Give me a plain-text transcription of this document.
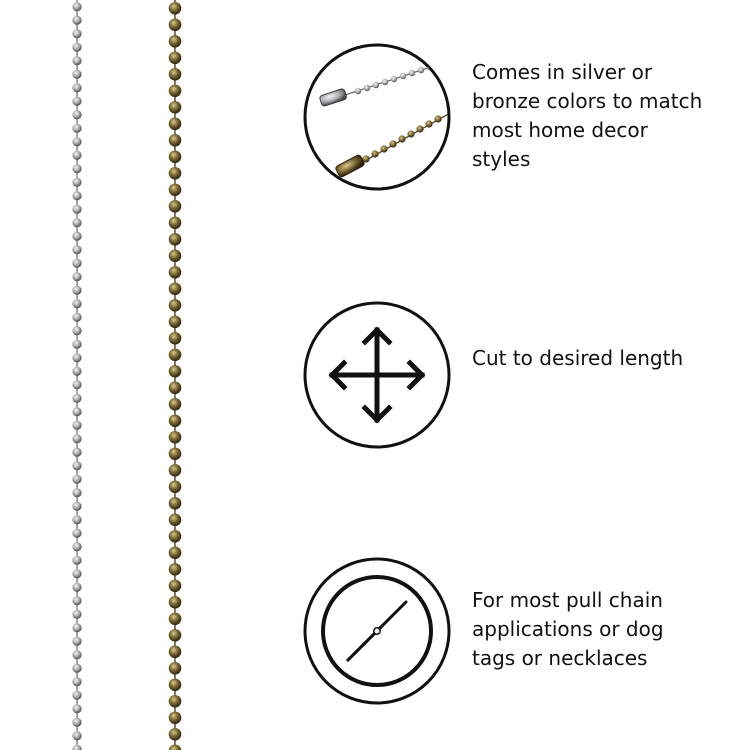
Comes in silver or bronze colors to match most home decor styles
Cut to desired length
For most pull chain applications or dog tags or necklaces
